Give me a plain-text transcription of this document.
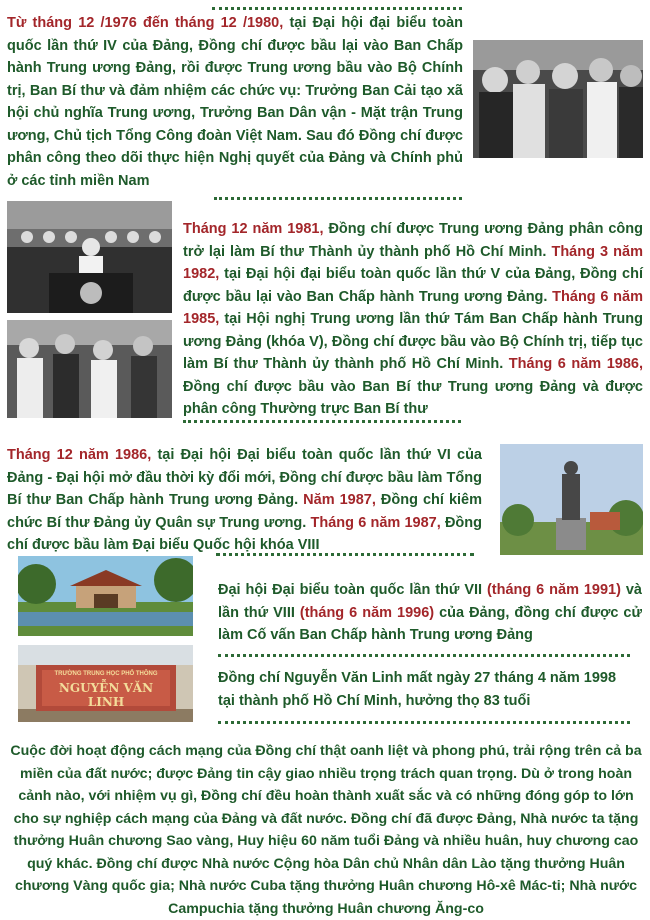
Từ tháng 12 /1976 đến tháng 12 /1980, tại Đại hội đại biểu toàn quốc lần thứ IV của Đảng, Đồng chí được bầu lại vào Ban Chấp hành Trung ương Đảng, rồi được Trung ương bầu vào Bộ Chính trị, Ban Bí thư và đảm nhiệm các chức vụ: Trưởng Ban Cải tạo xã hội chủ nghĩa Trung ương, Trưởng Ban Dân vận - Mặt trận Trung ương, Chủ tịch Tổng Công đoàn Việt Nam. Sau đó Đồng chí được phân công theo dõi thực hiện Nghị quyết của Đảng và Chính phủ ở các tỉnh miền Nam
Tháng 12 năm 1981, Đồng chí được Trung ương Đảng phân công trở lại làm Bí thư Thành ủy thành phố Hồ Chí Minh. Tháng 3 năm 1982, tại Đại hội đại biểu toàn quốc lần thứ V của Đảng, Đồng chí được bầu lại vào Ban Chấp hành Trung ương Đảng. Tháng 6 năm 1985, tại Hội nghị Trung ương lần thứ Tám Ban Chấp hành Trung ương Đảng (khóa V), Đồng chí được bầu vào Bộ Chính trị, tiếp tục làm Bí thư Thành ủy thành phố Hồ Chí Minh. Tháng 6 năm 1986, Đồng chí được bầu vào Ban Bí thư Trung ương Đảng và được phân công Thường trực Ban Bí thư
Tháng 12 năm 1986, tại Đại hội Đại biểu toàn quốc lần thứ VI của Đảng - Đại hội mở đầu thời kỳ đổi mới, Đồng chí được bầu làm Tổng Bí thư Ban Chấp hành Trung ương Đảng. Năm 1987, Đồng chí kiêm chức Bí thư Đảng ủy Quân sự Trung ương. Tháng 6 năm 1987, Đồng chí được bầu làm Đại biểu Quốc hội khóa VIII
Đại hội Đại biểu toàn quốc lần thứ VII (tháng 6 năm 1991) và lần thứ VIII (tháng 6 năm 1996) của Đảng, đồng chí được cử làm Cố vấn Ban Chấp hành Trung ương Đảng
TRƯỜNG TRUNG HỌC PHỔ THÔNG
NGUYỄN VĂN LINH
Đồng chí Nguyễn Văn Linh mất ngày 27 tháng 4 năm 1998 tại thành phố Hồ Chí Minh, hưởng thọ 83 tuổi
Cuộc đời hoạt động cách mạng của Đồng chí thật oanh liệt và phong phú, trải rộng trên cả ba miền của đất nước; được Đảng tin cậy giao nhiều trọng trách quan trọng. Dù ở trong hoàn cảnh nào, với nhiệm vụ gì, Đồng chí đều hoàn thành xuất sắc và có những đóng góp to lớn cho sự nghiệp cách mạng của Đảng và đất nước. Đồng chí đã được Đảng, Nhà nước ta tặng thưởng Huân chương Sao vàng, Huy hiệu 60 năm tuổi Đảng và nhiều huân, huy chương cao quý khác. Đồng chí được Nhà nước Cộng hòa Dân chủ Nhân dân Lào tặng thưởng Huân chương Vàng quốc gia; Nhà nước Cuba tặng thưởng Huân chương Hô-xê Mác-ti; Nhà nước Campuchia tặng thưởng Huân chương Ăng-co
